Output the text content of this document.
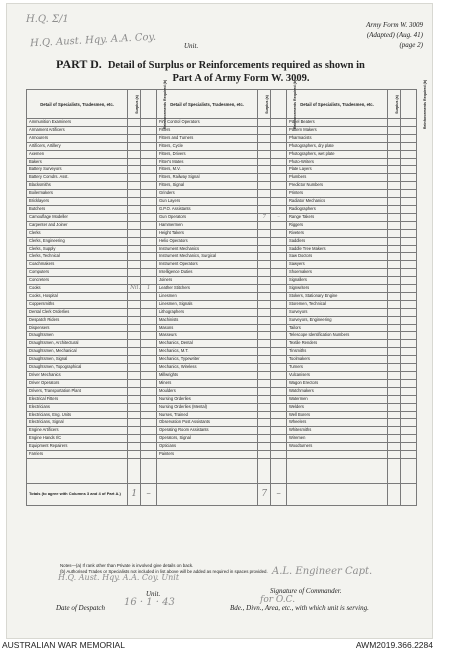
H.Q. Σ/1
H.Q. Aust. Hqy. A.A. Coy.	Unit.
Army Form W. 3009
(Adapted) (Aug. 41)
(page 2)
PART D. Detail of Surplus or Reinforcements required as shown in
Part A of Army Form W. 3009.
Detail of Specialists, Tradesmen, etc.	Surplus (a)	Reinforcements Required (b)	Detail of Specialists, Tradesmen, etc.	Surplus (a)	Reinforcements Required (b)	Detail of Specialists, Tradesmen, etc.	Surplus (a)	Reinforcements Required (b)
Ammunition Examiners			Fire Control Operators			Panel Beaters		
Armament Artificers			Fitters			Pattern Makers		
Armourers			Fitters and Turners			Pharmacists		
Artificers, Artillery			Fitters, Cycle			Photographers, dry plate		
Axemen			Fitters, Drivers			Photographers, wet plate		
Bakers			Fitter's Mates			Photo-Writers		
Battery Surveyors			Fitters, M.V.			Plate Layers		
Battery Comdrs. Asst.			Fitters, Railway Signal			Plumbers		
Blacksmiths			Fitters, Signal			Predictor Numbers		
Boilermakers			Grinders			Printers		
Bricklayers			Gun Layers			Radiator Mechanics		
Butchers			G.P.O. Assistants			Radiographers		
Camouflage Modeller			Gun Operators	7	–	Range Takers		
Carpenter and Joiner			Hammermen			Riggers		
Clerks			Height Takers			Riveters		
Clerks, Engineering			Helio Operators			Saddlers		
Clerks, Supply			Instrument Mechanics			Saddle Tree Makers		
Clerks, Technical			Instrument Mechanics, Surgical			Saw Doctors		
Coachmakers			Instrument Operators			Sawyers		
Computers			Intelligence Duties			Shoemakers		
Concreters			Joiners			Signallers		
Cooks	Nil.	1	Leather Stitchers			Signwriters		
Cooks, Hospital			Linesmen			Stokers, Stationary Engine		
Coppersmiths			Linesmen, Signals			Storemen, Technical		
Dental Clerk Orderlies			Lithographers			Surveyors		
Despatch Riders			Machinists			Surveyors, Engineering		
Dispensers			Masons			Tailors		
Draughtsmen			Masseurs			Telescope Identification Numbers		
Draughtsmen, Architectural			Mechanics, Dental			Textile Renders		
Draughtsmen, Mechanical			Mechanics, M.T.			Tinsmiths		
Draughtsmen, Signal			Mechanics, Typewriter			Toolmakers		
Draughtsmen, Topographical			Mechanics, Wireless			Turners		
Driver Mechanics			Millwrights			Vulcanisers		
Driver Operators			Miners			Wagon Erectors		
Drivers, Transportation Plant			Moulders			Watchmakers		
Electrical Fitters			Nursing Orderlies			Watermen		
Electricians			Nursing Orderlies (Mental)			Welders		
Electricians, Eng. Units			Nurses, Trained			Well Borers		
Electricians, Signal			Observation Post Assistants			Wheelers		
Engine Artificers			Operating Room Assistants			Whitesmiths		
Engine Hands I/C			Operators, Signal			Wiremen		
Equipment Repairers			Opticians			Woodturners		
Farriers			Painters					

Totals (to agree with Columns 3 and 4 of Part A.)	1	–		7	–			
Notes—(a) If rank other than Private is involved give details on back.
(b) Authorised Trades or Specialists not included in list above will be added as required in spaces provided.
H.Q. Aust. Hqy. A.A. Coy. Unit
A.L. Engineer Capt.
for O.C.
16 · 1 · 43
Unit.	Signature of Commander.
Date of Despatch	Bde., Divn., Area, etc., with which unit is serving.
AUSTRALIAN WAR MEMORIAL	AWM2019.366.2284
